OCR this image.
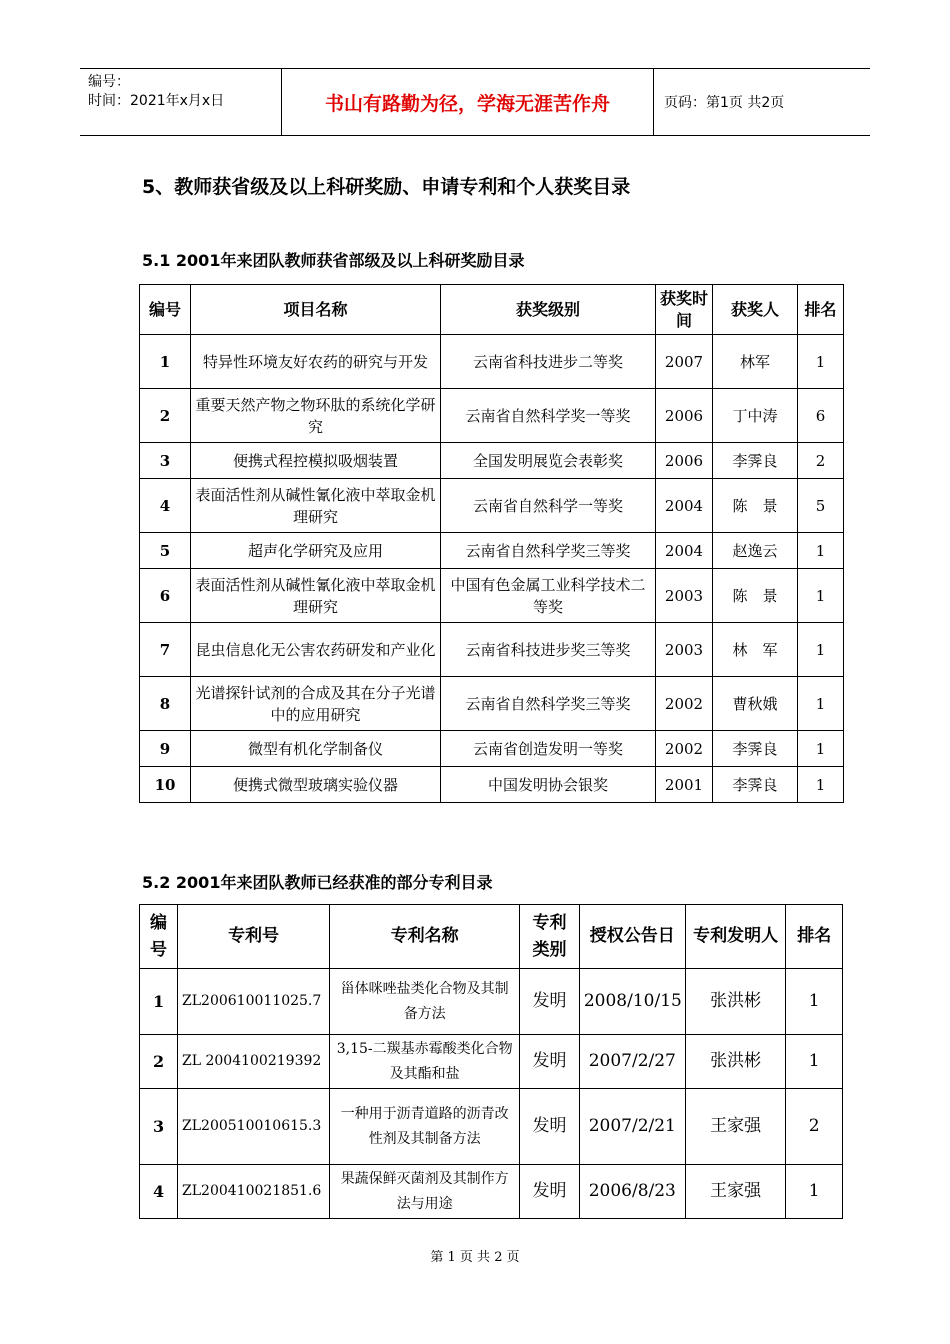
编号：
时间：2021年x月x日	书山有路勤为径，学海无涯苦作舟	页码：第1页 共2页
5、教师获省级及以上科研奖励、申请专利和个人获奖目录
5.1 2001年来团队教师获省部级及以上科研奖励目录
编号	项目名称	获奖级别	获奖时间	获奖人	排名
1	特异性环境友好农药的研究与开发	云南省科技进步二等奖	2007	林军	1
2	重要天然产物之物环肽的系统化学研究	云南省自然科学奖一等奖	2006	丁中涛	6
3	便携式程控模拟吸烟装置	全国发明展览会表彰奖	2006	李霁良	2
4	表面活性剂从碱性氰化液中萃取金机理研究	云南省自然科学一等奖	2004	陈　景	5
5	超声化学研究及应用	云南省自然科学奖三等奖	2004	赵逸云	1
6	表面活性剂从碱性氰化液中萃取金机理研究	中国有色金属工业科学技术二等奖	2003	陈　景	1
7	昆虫信息化无公害农药研发和产业化	云南省科技进步奖三等奖	2003	林　军	1
8	光谱探针试剂的合成及其在分子光谱中的应用研究	云南省自然科学奖三等奖	2002	曹秋娥	1
9	微型有机化学制备仪	云南省创造发明一等奖	2002	李霁良	1
10	便携式微型玻璃实验仪器	中国发明协会银奖	2001	李霁良	1
5.2 2001年来团队教师已经获准的部分专利目录
编号	专利号	专利名称	专利类别	授权公告日	专利发明人	排名
1	ZL200610011025.7	甾体咪唑盐类化合物及其制备方法	发明	2008/10/15	张洪彬	1
2	ZL 2004100219392	3,15-二羰基赤霉酸类化合物及其酯和盐	发明	2007/2/27	张洪彬	1
3	ZL200510010615.3	一种用于沥青道路的沥青改性剂及其制备方法	发明	2007/2/21	王家强	2
4	ZL200410021851.6	果蔬保鲜灭菌剂及其制作方法与用途	发明	2006/8/23	王家强	1
第 1 页 共 2 页
